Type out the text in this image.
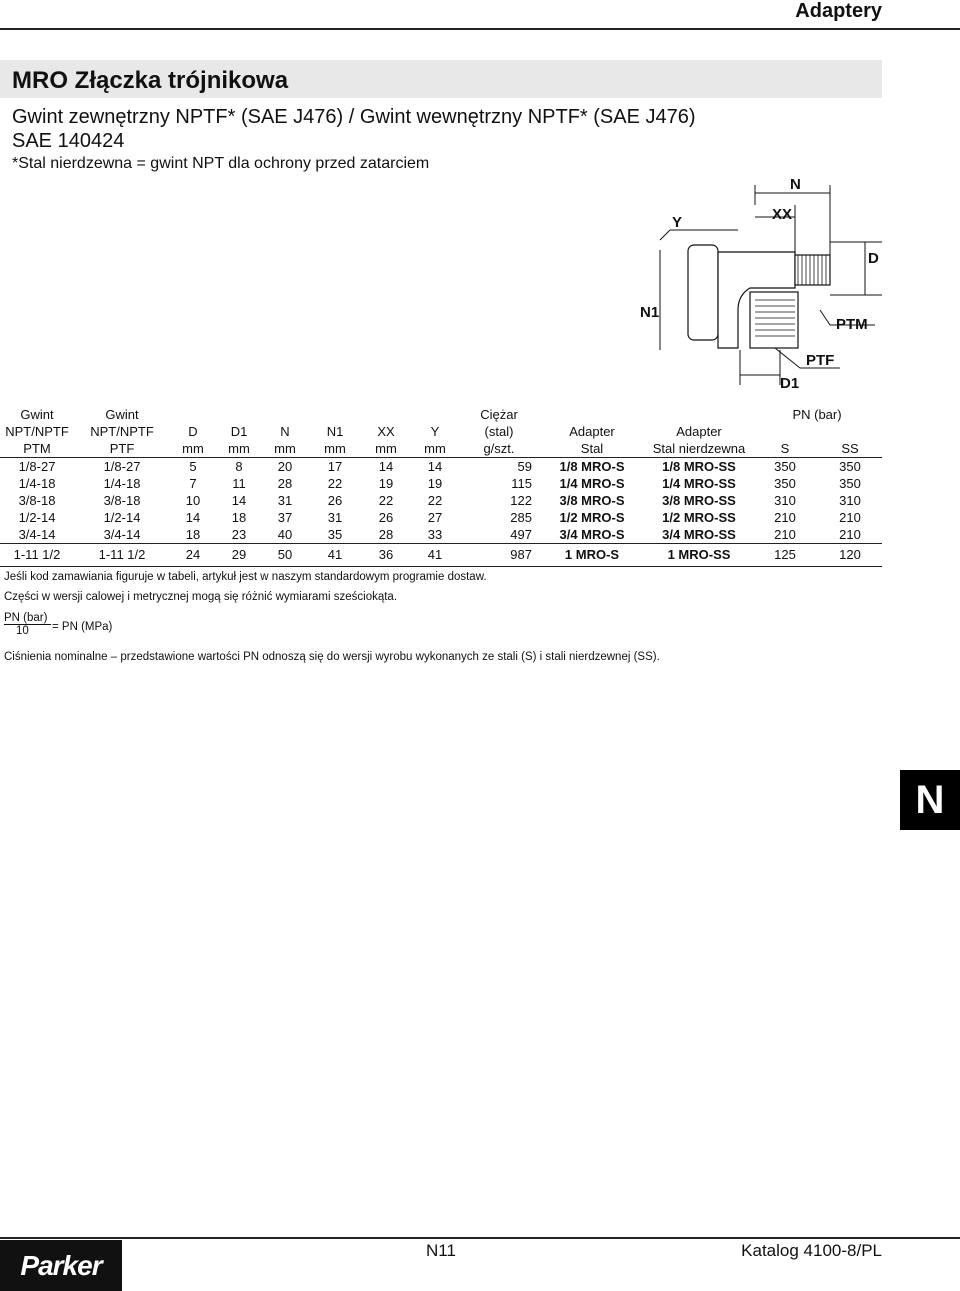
Adaptery
MRO Złączka trójnikowa
Gwint zewnętrzny NPTF* (SAE J476) / Gwint wewnętrzny NPTF* (SAE J476)
SAE 140424
*Stal nierdzewna = gwint NPT dla ochrony przed zatarciem
N
XX
Y
D
N1
PTM
PTF
D1
Gwint	Gwint							Ciężar			PN (bar)	
NPT/NPTF	NPT/NPTF	D	D1	N	N1	XX	Y	(stal)	Adapter	Adapter		
PTM	PTF	mm	mm	mm	mm	mm	mm	g/szt.	Stal	Stal nierdzewna	S	SS
1/8-27	1/8-27	5	8	20	17	14	14	59	1/8 MRO-S	1/8 MRO-SS	350	350
1/4-18	1/4-18	7	11	28	22	19	19	115	1/4 MRO-S	1/4 MRO-SS	350	350
3/8-18	3/8-18	10	14	31	26	22	22	122	3/8 MRO-S	3/8 MRO-SS	310	310
1/2-14	1/2-14	14	18	37	31	26	27	285	1/2 MRO-S	1/2 MRO-SS	210	210
3/4-14	3/4-14	18	23	40	35	28	33	497	3/4 MRO-S	3/4 MRO-SS	210	210
1-11 1/2	1-11 1/2	24	29	50	41	36	41	987	1 MRO-S	1 MRO-SS	125	120
Jeśli kod zamawiania figuruje w tabeli, artykuł jest w naszym standardowym programie dostaw.
Części w wersji calowej i metrycznej mogą się różnić wymiarami sześciokąta.
PN (bar)
10	= PN (MPa)
Ciśnienia nominalne – przedstawione wartości PN odnoszą się do wersji wyrobu wykonanych ze stali (S) i stali nierdzewnej (SS).
N
Parker	N11	Katalog 4100-8/PL
